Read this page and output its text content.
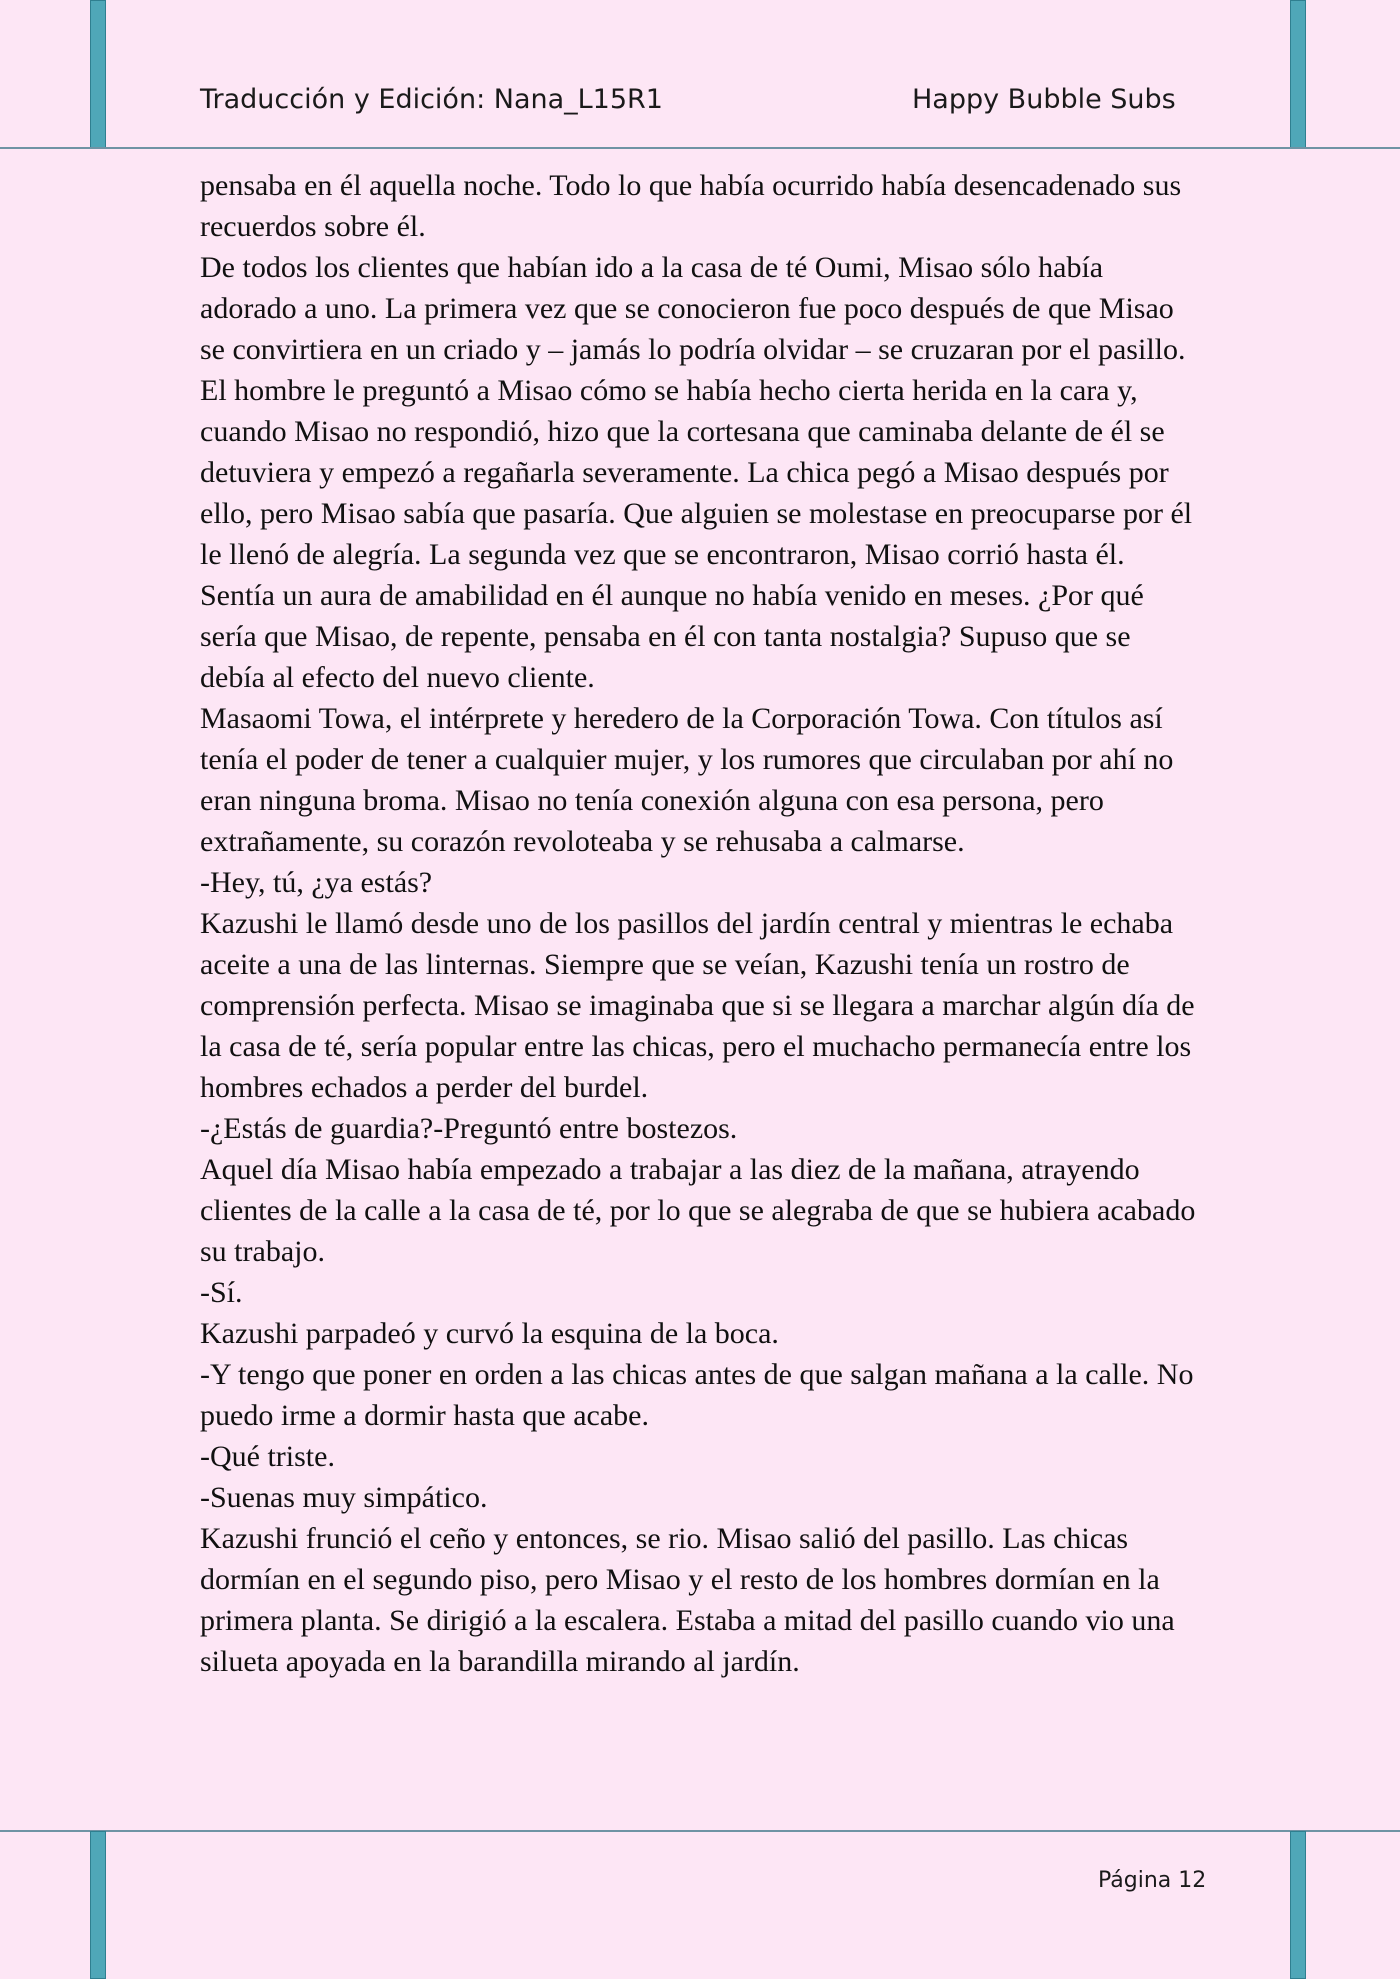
Traducción y Edición: Nana_L15R1	Happy Bubble Subs

pensaba en él aquella noche. Todo lo que había ocurrido había desencadenado sus recuerdos sobre él.

De todos los clientes que habían ido a la casa de té Oumi, Misao sólo había adorado a uno. La primera vez que se conocieron fue poco después de que Misao se convirtiera en un criado y – jamás lo podría olvidar – se cruzaran por el pasillo.

El hombre le preguntó a Misao cómo se había hecho cierta herida en la cara y, cuando Misao no respondió, hizo que la cortesana que caminaba delante de él se detuviera y empezó a regañarla severamente. La chica pegó a Misao después por ello, pero Misao sabía que pasaría. Que alguien se molestase en preocuparse por él le llenó de alegría. La segunda vez que se encontraron, Misao corrió hasta él. Sentía un aura de amabilidad en él aunque no había venido en meses. ¿Por qué sería que Misao, de repente, pensaba en él con tanta nostalgia? Supuso que se debía al efecto del nuevo cliente.

Masaomi Towa, el intérprete y heredero de la Corporación Towa. Con títulos así tenía el poder de tener a cualquier mujer, y los rumores que circulaban por ahí no eran ninguna broma. Misao no tenía conexión alguna con esa persona, pero extrañamente, su corazón revoloteaba y se rehusaba a calmarse.

-Hey, tú, ¿ya estás?

Kazushi le llamó desde uno de los pasillos del jardín central y mientras le echaba aceite a una de las linternas. Siempre que se veían, Kazushi tenía un rostro de comprensión perfecta. Misao se imaginaba que si se llegara a marchar algún día de la casa de té, sería popular entre las chicas, pero el muchacho permanecía entre los hombres echados a perder del burdel.

-¿Estás de guardia?-Preguntó entre bostezos.

Aquel día Misao había empezado a trabajar a las diez de la mañana, atrayendo clientes de la calle a la casa de té, por lo que se alegraba de que se hubiera acabado su trabajo.

-Sí.

Kazushi parpadeó y curvó la esquina de la boca.

-Y tengo que poner en orden a las chicas antes de que salgan mañana a la calle. No puedo irme a dormir hasta que acabe.

-Qué triste.

-Suenas muy simpático.

Kazushi frunció el ceño y entonces, se rio. Misao salió del pasillo. Las chicas dormían en el segundo piso, pero Misao y el resto de los hombres dormían en la primera planta. Se dirigió a la escalera. Estaba a mitad del pasillo cuando vio una silueta apoyada en la barandilla mirando al jardín.

Página 12
